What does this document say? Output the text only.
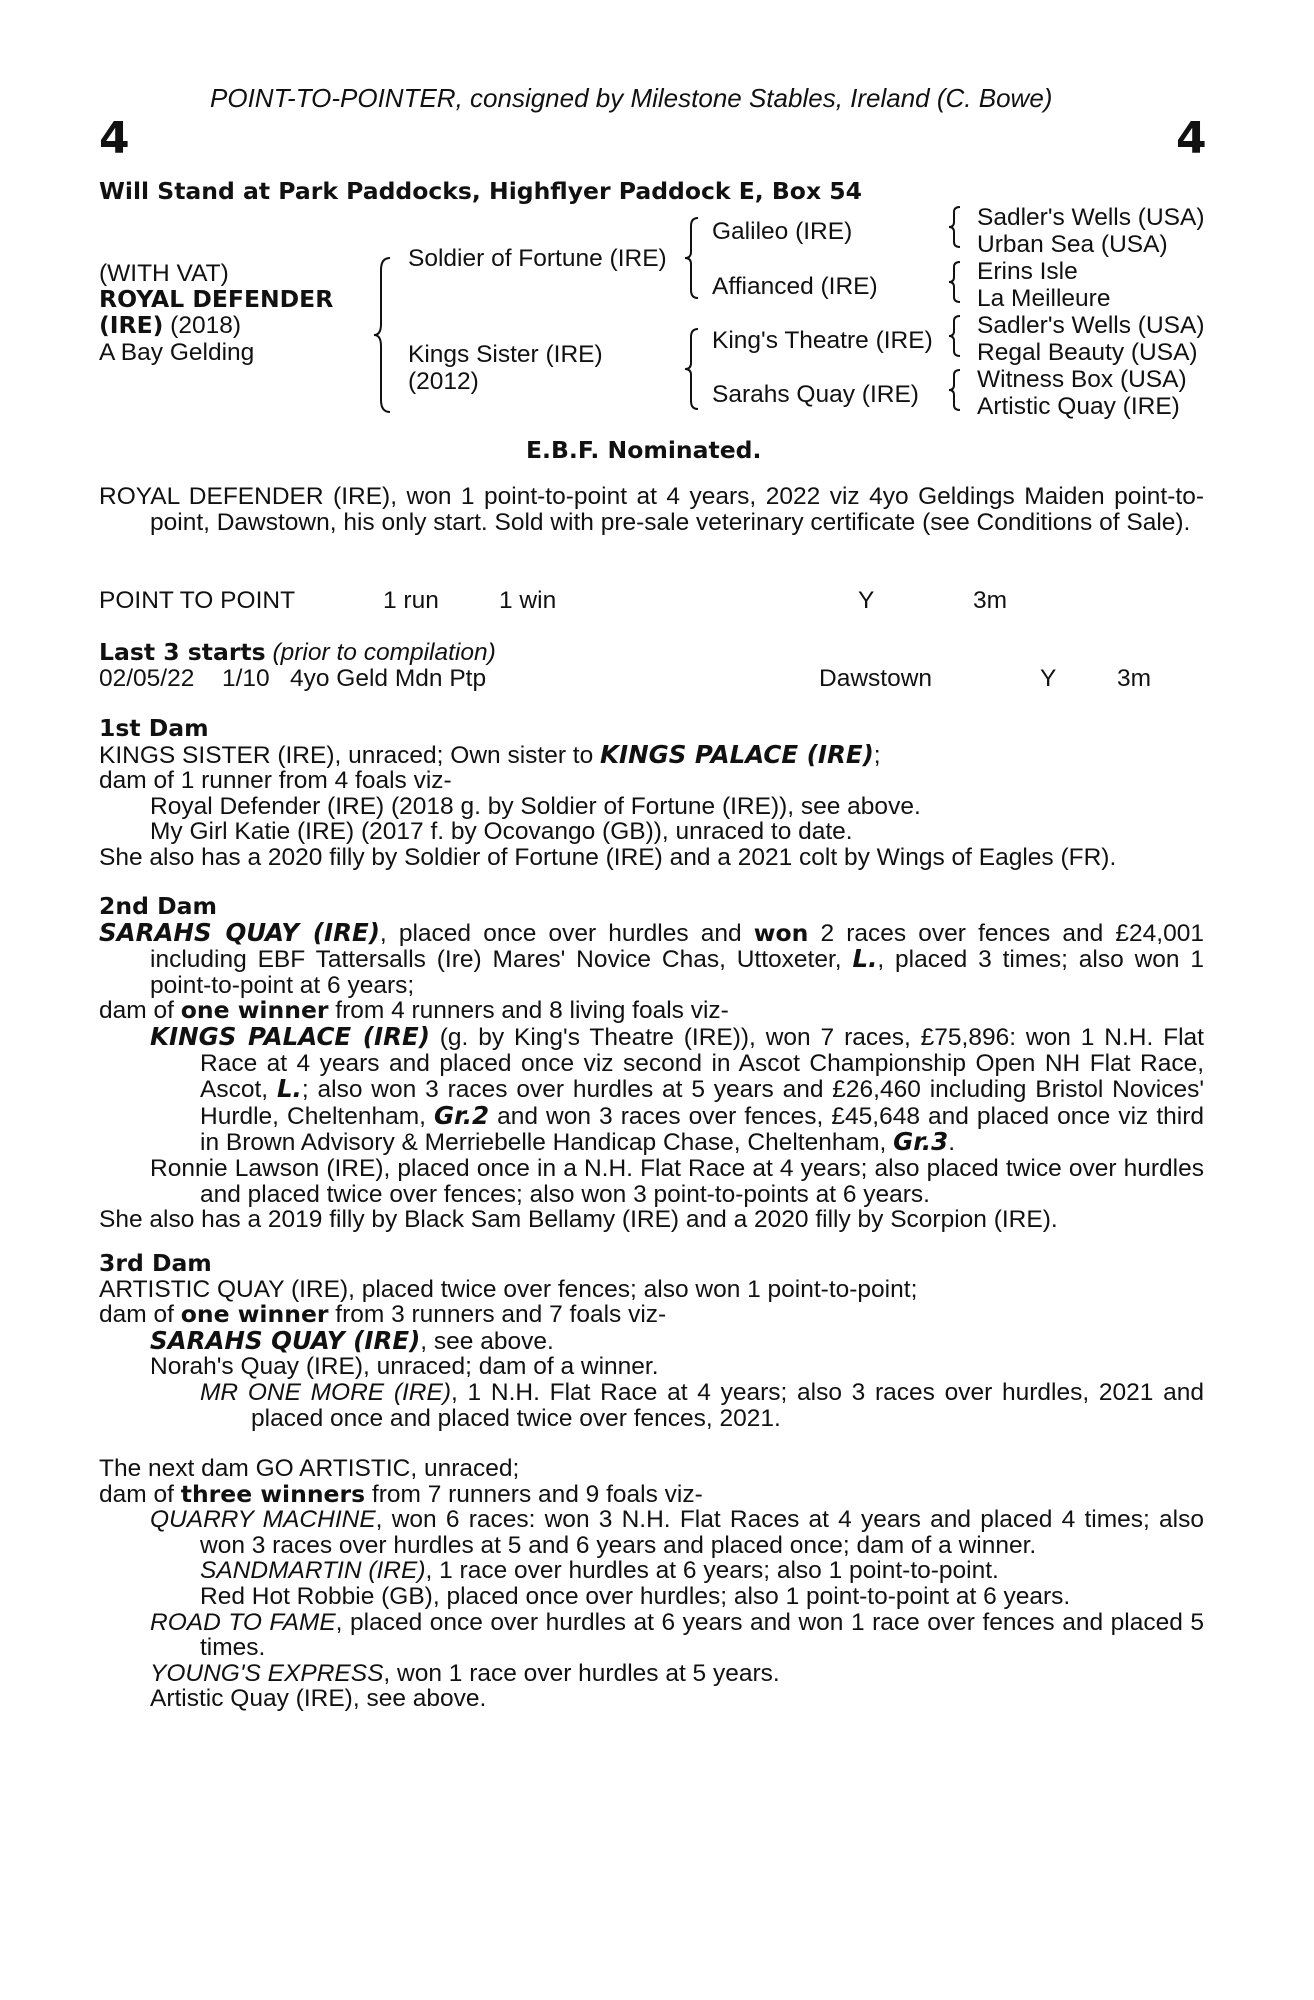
POINT-TO-POINTER, consigned by Milestone Stables, Ireland (C. Bowe)
4	4
Will Stand at Park Paddocks, Highflyer Paddock E, Box 54
(WITH VAT)
ROYAL DEFENDER
(IRE) (2018)
A Bay Gelding
Soldier of Fortune (IRE)
Kings Sister (IRE)
(2012)
Galileo (IRE)
Affianced (IRE)
King's Theatre (IRE)
Sarahs Quay (IRE)
Sadler's Wells (USA)
Urban Sea (USA)
Erins Isle
La Meilleure
Sadler's Wells (USA)
Regal Beauty (USA)
Witness Box (USA)
Artistic Quay (IRE)
E.B.F. Nominated.

ROYAL DEFENDER (IRE), won 1 point-to-point at 4 years, 2022 viz 4yo Geldings Maiden point-to-point, Dawstown, his only start. Sold with pre-sale veterinary certificate (see Conditions of Sale).

POINT TO POINT	1 run 1 win	Y	3m
Last 3 starts (prior to compilation)
02/05/22 1/10 4yo Geld Mdn Ptp	Dawstown	Y 3m

1st Dam

KINGS SISTER (IRE), unraced; Own sister to KINGS PALACE (IRE);

dam of 1 runner from 4 foals viz-

Royal Defender (IRE) (2018 g. by Soldier of Fortune (IRE)), see above.

My Girl Katie (IRE) (2017 f. by Ocovango (GB)), unraced to date.

She also has a 2020 filly by Soldier of Fortune (IRE) and a 2021 colt by Wings of Eagles (FR).

2nd Dam

SARAHS QUAY (IRE), placed once over hurdles and won 2 races over fences and £24,001 including EBF Tattersalls (Ire) Mares' Novice Chas, Uttoxeter, L., placed 3 times; also won 1 point-to-point at 6 years;

dam of one winner from 4 runners and 8 living foals viz-

KINGS PALACE (IRE) (g. by King's Theatre (IRE)), won 7 races, £75,896: won 1 N.H. Flat Race at 4 years and placed once viz second in Ascot Championship Open NH Flat Race, Ascot, L.; also won 3 races over hurdles at 5 years and £26,460 including Bristol Novices' Hurdle, Cheltenham, Gr.2 and won 3 races over fences, £45,648 and placed once viz third in Brown Advisory & Merriebelle Handicap Chase, Cheltenham, Gr.3.

Ronnie Lawson (IRE), placed once in a N.H. Flat Race at 4 years; also placed twice over hurdles and placed twice over fences; also won 3 point-to-points at 6 years.

She also has a 2019 filly by Black Sam Bellamy (IRE) and a 2020 filly by Scorpion (IRE).

3rd Dam

ARTISTIC QUAY (IRE), placed twice over fences; also won 1 point-to-point;

dam of one winner from 3 runners and 7 foals viz-

SARAHS QUAY (IRE), see above.

Norah's Quay (IRE), unraced; dam of a winner.

MR ONE MORE (IRE), 1 N.H. Flat Race at 4 years; also 3 races over hurdles, 2021 and placed once and placed twice over fences, 2021.

The next dam GO ARTISTIC, unraced;

dam of three winners from 7 runners and 9 foals viz-

QUARRY MACHINE, won 6 races: won 3 N.H. Flat Races at 4 years and placed 4 times; also won 3 races over hurdles at 5 and 6 years and placed once; dam of a winner.

SANDMARTIN (IRE), 1 race over hurdles at 6 years; also 1 point-to-point.

Red Hot Robbie (GB), placed once over hurdles; also 1 point-to-point at 6 years.

ROAD TO FAME, placed once over hurdles at 6 years and won 1 race over fences and placed 5 times.

YOUNG'S EXPRESS, won 1 race over hurdles at 5 years.

Artistic Quay (IRE), see above.
